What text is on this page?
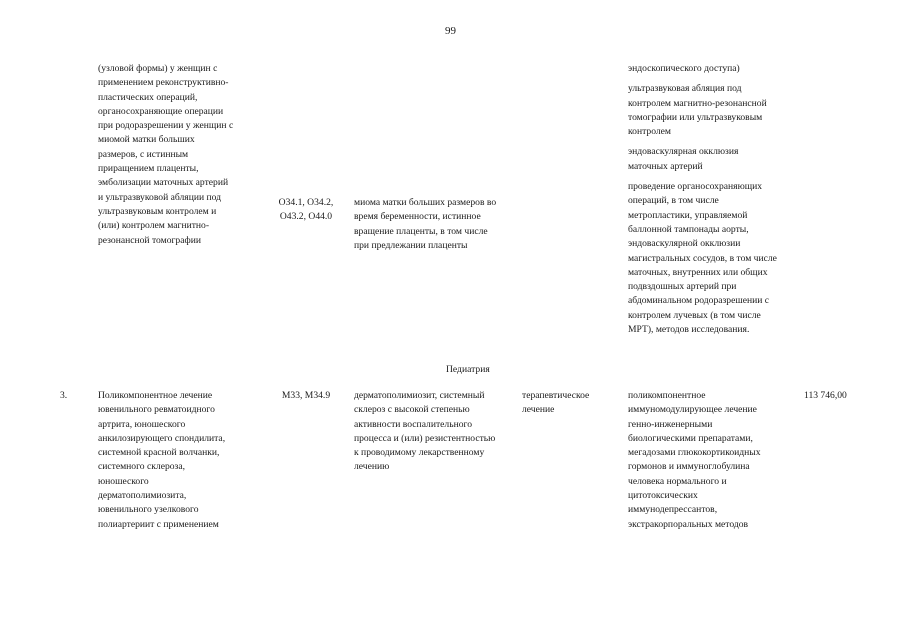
99
(узловой формы) у женщин с
применением реконструктивно-
пластических операций,
органосохраняющие операции
при родоразрешении у женщин с
миомой матки больших
размеров, с истинным
приращением плаценты,
эмболизации маточных артерий
и ультразвуковой абляции под
ультразвуковым контролем и
(или) контролем магнитно-
резонансной томографии
O34.1, O34.2,
O43.2, O44.0
миома матки больших размеров во
время беременности, истинное
вращение плаценты, в том числе
при предлежании плаценты
эндоскопического доступа)
ультразвуковая абляция под
контролем магнитно-резонансной
томографии или ультразвуковым
контролем
эндоваскулярная окклюзия
маточных артерий
проведение органосохраняющих
операций, в том числе
метропластики, управляемой
баллонной тампонады аорты,
эндоваскулярной окклюзии
магистральных сосудов, в том числе
маточных, внутренних или общих
подвздошных артерий при
абдоминальном родоразрешении с
контролем лучевых (в том числе
МРТ), методов исследования.
Педиатрия
3.	Поликомпонентное лечение
ювенильного ревматоидного
артрита, юношеского
анкилозирующего спондилита,
системной красной волчанки,
системного склероза,
юношеского
дерматополимиозита,
ювенильного узелкового
полиартериит с применением
M33, M34.9	дерматополимиозит, системный
склероз с высокой степенью
активности воспалительного
процесса и (или) резистентностью
к проводимому лекарственному
лечению
терапевтическое
лечение
поликомпонентное
иммуномодулирующее лечение
генно-инженерными
биологическими препаратами,
мегадозами глюкокортикоидных
гормонов и иммуноглобулина
человека нормального и
цитотоксических
иммунодепрессантов,
экстракорпоральных методов
113 746,00
